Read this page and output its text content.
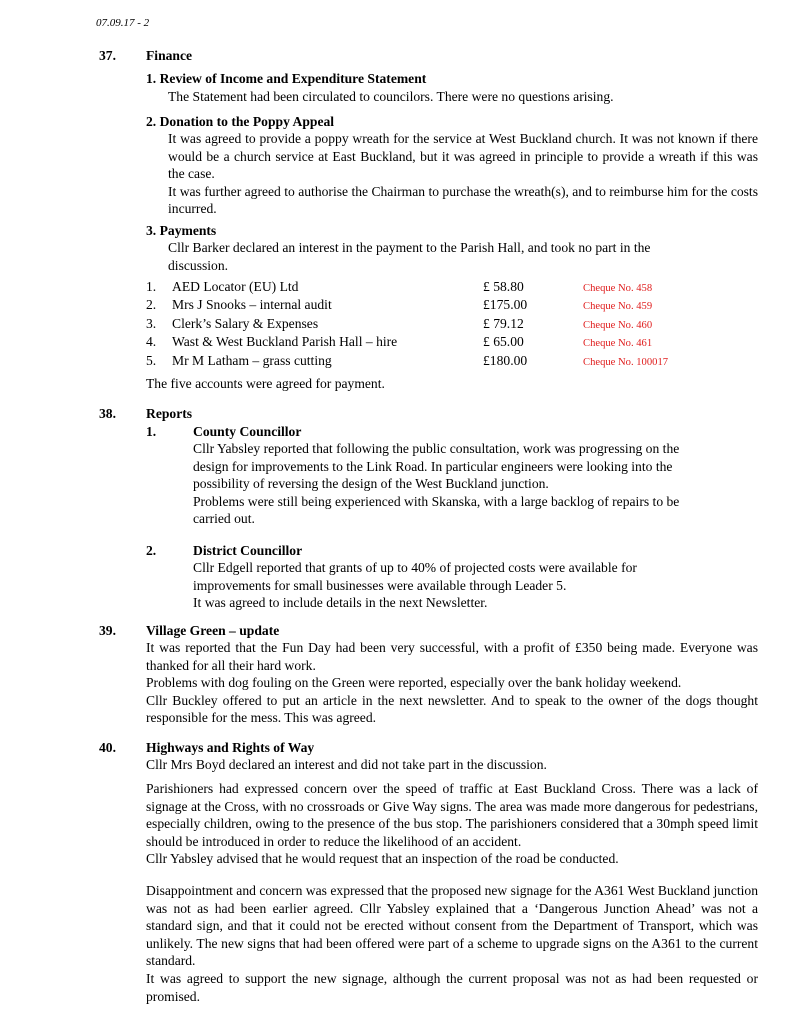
07.09.17 - 2
37. Finance
1. Review of Income and Expenditure Statement

The Statement had been circulated to councilors. There were no questions arising.

2. Donation to the Poppy Appeal

It was agreed to provide a poppy wreath for the service at West Buckland church. It was not known if there would be a church service at East Buckland, but it was agreed in principle to provide a wreath if this was the case.

It was further agreed to authorise the Chairman to purchase the wreath(s), and to reimburse him for the costs incurred.

3. Payments

Cllr Barker declared an interest in the payment to the Parish Hall, and took no part in the discussion.

1. AED Locator (EU) Ltd	£ 58.80	Cheque No. 458
2. Mrs J Snooks – internal audit	£175.00	Cheque No. 459
3. Clerk’s Salary & Expenses	£ 79.12	Cheque No. 460
4. Wast & West Buckland Parish Hall – hire	£ 65.00	Cheque No. 461
5. Mr M Latham – grass cutting	£180.00	Cheque No. 100017

The five accounts were agreed for payment.

38. Reports
1.	County Councillor

Cllr Yabsley reported that following the public consultation, work was progressing on the

design for improvements to the Link Road. In particular engineers were looking into the

possibility of reversing the design of the West Buckland junction.

Problems were still being experienced with Skanska, with a large backlog of repairs to be

carried out.

2.	District Councillor

Cllr Edgell reported that grants of up to 40% of projected costs were available for

improvements for small businesses were available through Leader 5.

It was agreed to include details in the next Newsletter.

39. Village Green – update

It was reported that the Fun Day had been very successful, with a profit of £350 being made. Everyone was thanked for all their hard work.

Problems with dog fouling on the Green were reported, especially over the bank holiday weekend.

Cllr Buckley offered to put an article in the next newsletter. And to speak to the owner of the dogs thought responsible for the mess. This was agreed.

40. Highways and Rights of Way

Cllr Mrs Boyd declared an interest and did not take part in the discussion.

Parishioners had expressed concern over the speed of traffic at East Buckland Cross. There was a lack of signage at the Cross, with no crossroads or Give Way signs. The area was made more dangerous for pedestrians, especially children, owing to the presence of the bus stop. The parishioners considered that a 30mph speed limit should be introduced in order to reduce the likelihood of an accident.

Cllr Yabsley advised that he would request that an inspection of the road be conducted.

Disappointment and concern was expressed that the proposed new signage for the A361 West Buckland junction was not as had been earlier agreed. Cllr Yabsley explained that a ‘Dangerous Junction Ahead’ was not a standard sign, and that it could not be erected without consent from the Department of Transport, which was unlikely. The new signs that had been offered were part of a scheme to upgrade signs on the A361 to the current standard.

It was agreed to support the new signage, although the current proposal was not as had been requested or promised.
